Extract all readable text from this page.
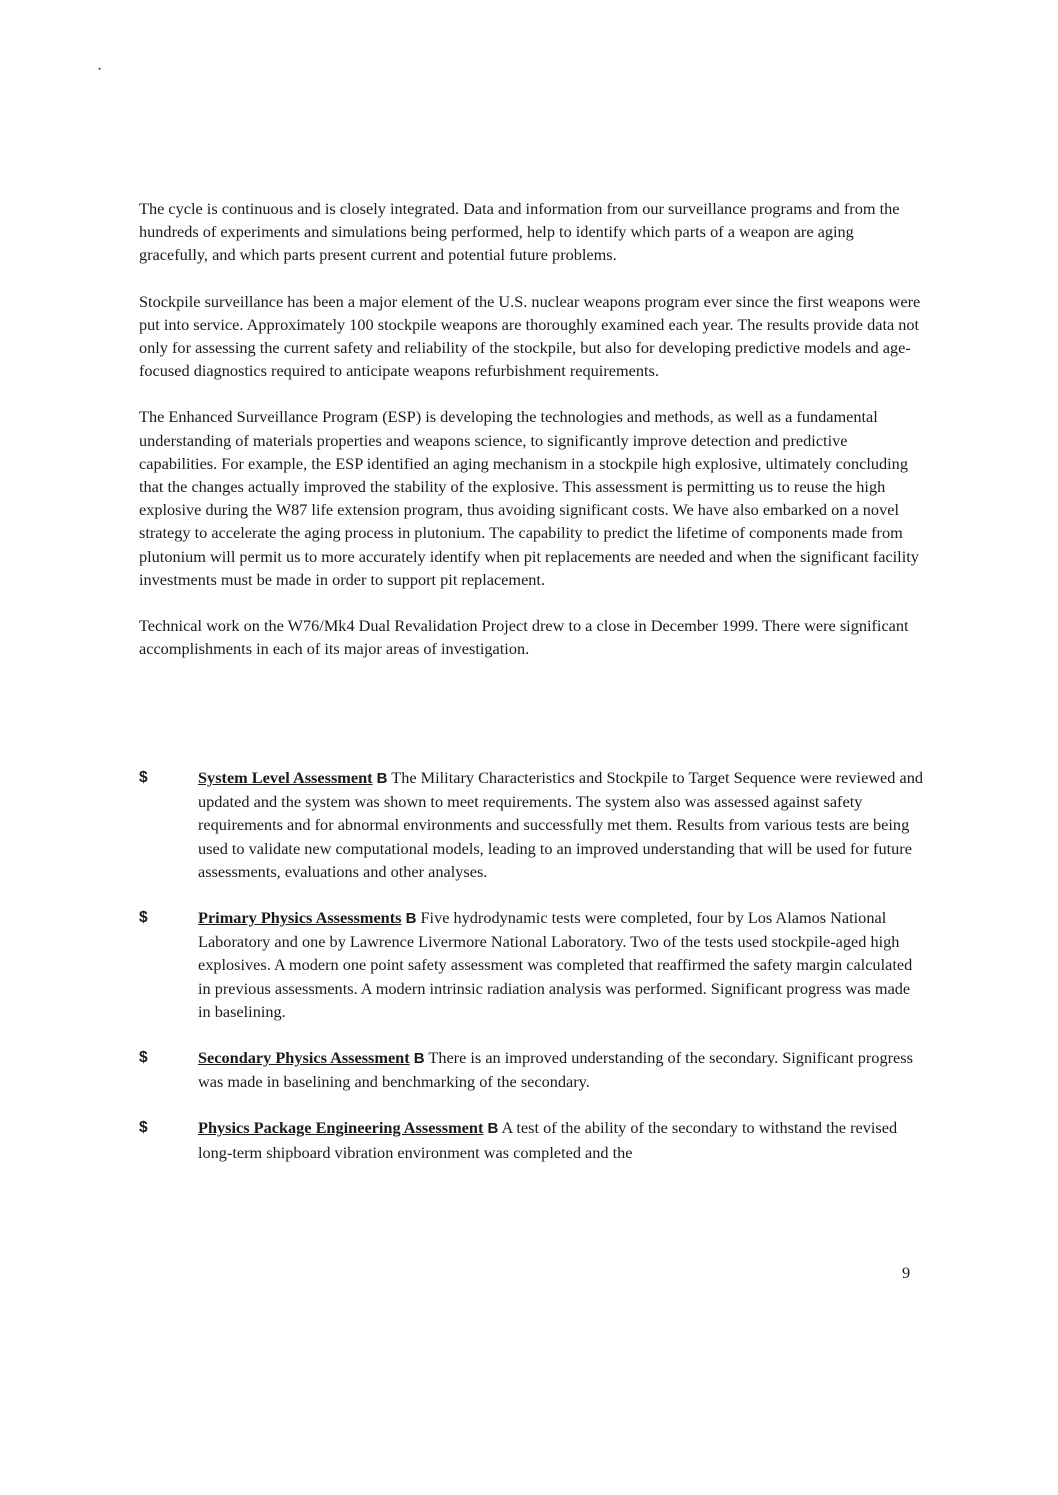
•

The cycle is continuous and is closely integrated. Data and information from our surveillance programs and from the hundreds of experiments and simulations being performed, help to identify which parts of a weapon are aging gracefully, and which parts present current and potential future problems.

Stockpile surveillance has been a major element of the U.S. nuclear weapons program ever since the first weapons were put into service. Approximately 100 stockpile weapons are thoroughly examined each year. The results provide data not only for assessing the current safety and reliability of the stockpile, but also for developing predictive models and age-focused diagnostics required to anticipate weapons refurbishment requirements.

The Enhanced Surveillance Program (ESP) is developing the technologies and methods, as well as a fundamental understanding of materials properties and weapons science, to significantly improve detection and predictive capabilities. For example, the ESP identified an aging mechanism in a stockpile high explosive, ultimately concluding that the changes actually improved the stability of the explosive. This assessment is permitting us to reuse the high explosive during the W87 life extension program, thus avoiding significant costs. We have also embarked on a novel strategy to accelerate the aging process in plutonium. The capability to predict the lifetime of components made from plutonium will permit us to more accurately identify when pit replacements are needed and when the significant facility investments must be made in order to support pit replacement.

Technical work on the W76/Mk4 Dual Revalidation Project drew to a close in December 1999. There were significant accomplishments in each of its major areas of investigation.

$	System Level Assessment B The Military Characteristics and Stockpile to Target Sequence were reviewed and updated and the system was shown to meet requirements. The system also was assessed against safety requirements and for abnormal environments and successfully met them. Results from various tests are being used to validate new computational models, leading to an improved understanding that will be used for future assessments, evaluations and other analyses.
$	Primary Physics Assessments B Five hydrodynamic tests were completed, four by Los Alamos National Laboratory and one by Lawrence Livermore National Laboratory. Two of the tests used stockpile-aged high explosives. A modern one point safety assessment was completed that reaffirmed the safety margin calculated in previous assessments. A modern intrinsic radiation analysis was performed. Significant progress was made in baselining.
$	Secondary Physics Assessment B There is an improved understanding of the secondary. Significant progress was made in baselining and benchmarking of the secondary.
$	Physics Package Engineering Assessment B A test of the ability of the secondary to withstand the revised long-term shipboard vibration environment was completed and the
9
